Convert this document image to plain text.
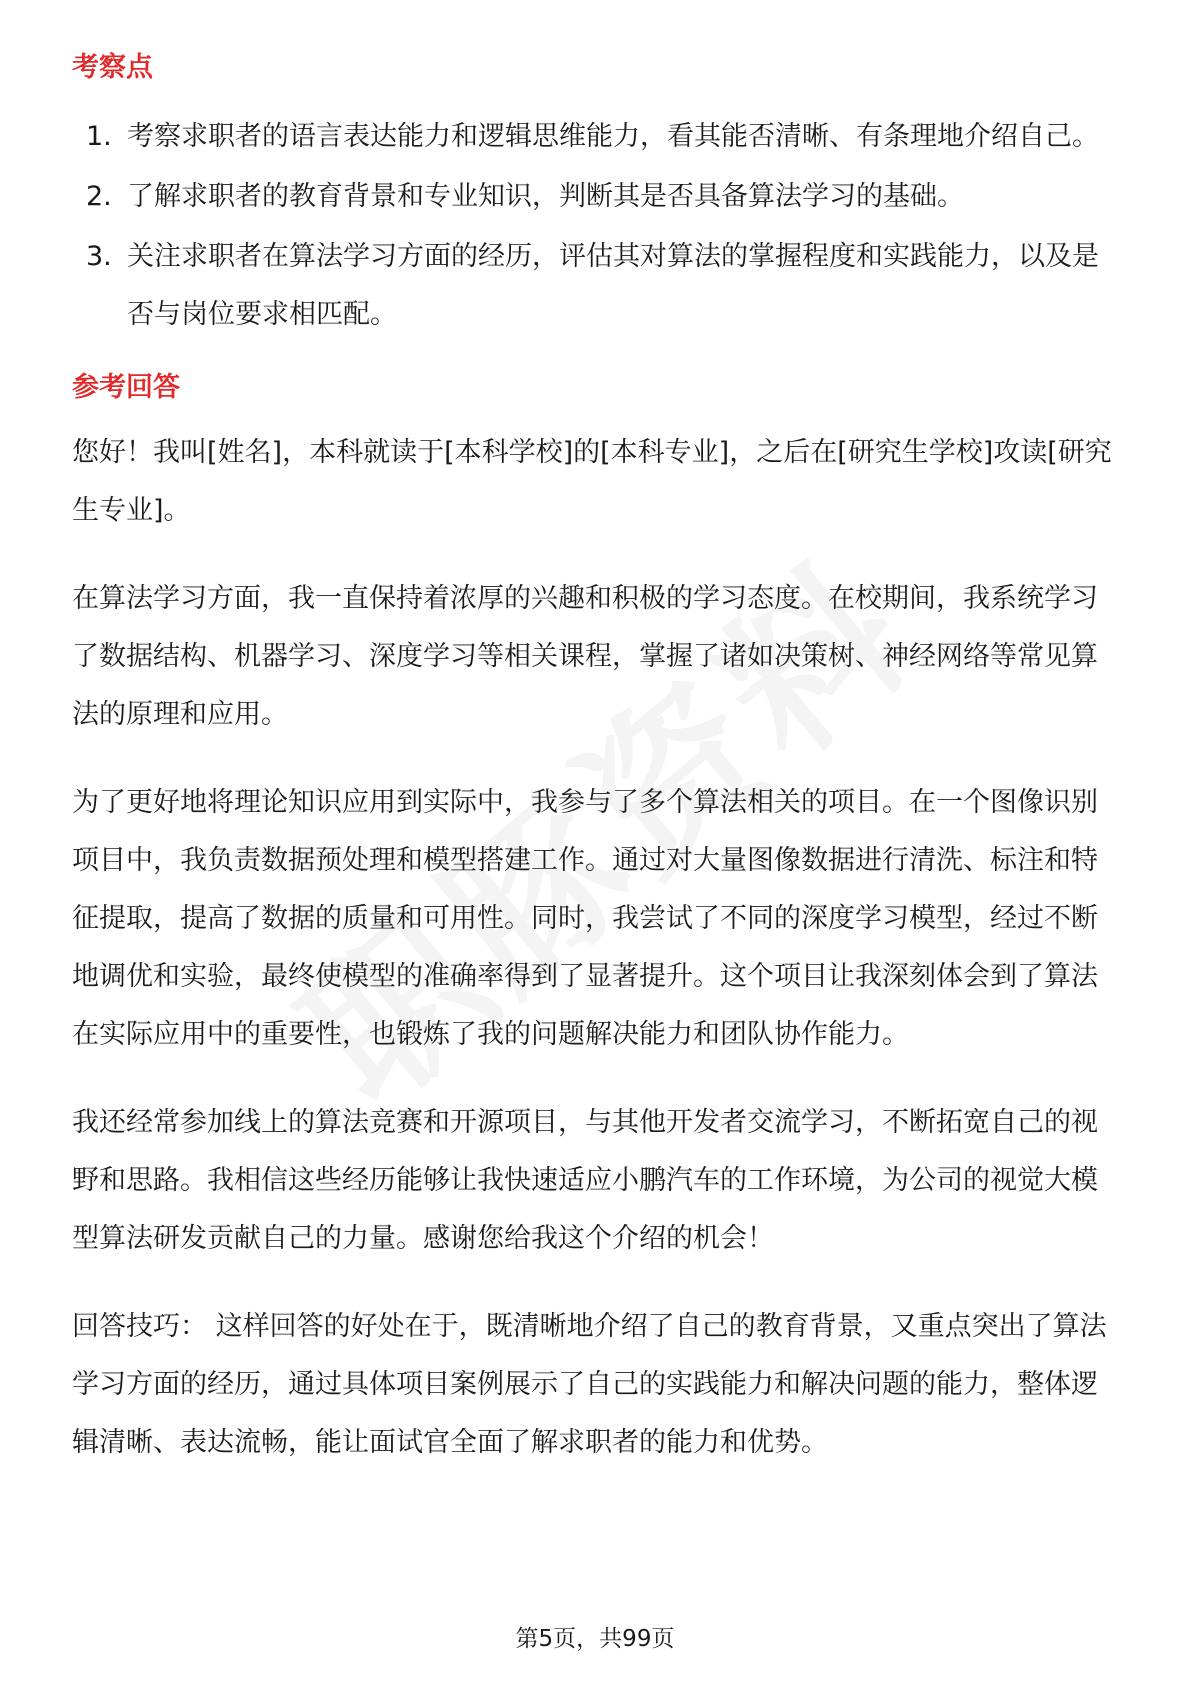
考察点
1. 考察求职者的语言表达能力和逻辑思维能力，看其能否清晰、有条理地介绍自己。
2. 了解求职者的教育背景和专业知识，判断其是否具备算法学习的基础。
3. 关注求职者在算法学习方面的经历，评估其对算法的掌握程度和实践能力，以及是否与岗位要求相匹配。
参考回答

您好！我叫[姓名]，本科就读于[本科学校]的[本科专业]，之后在[研究生学校]攻读[研究生专业]。

在算法学习方面，我一直保持着浓厚的兴趣和积极的学习态度。在校期间，我系统学习了数据结构、机器学习、深度学习等相关课程，掌握了诸如决策树、神经网络等常见算法的原理和应用。

为了更好地将理论知识应用到实际中，我参与了多个算法相关的项目。在一个图像识别项目中，我负责数据预处理和模型搭建工作。通过对大量图像数据进行清洗、标注和特征提取，提高了数据的质量和可用性。同时，我尝试了不同的深度学习模型，经过不断地调优和实验，最终使模型的准确率得到了显著提升。这个项目让我深刻体会到了算法在实际应用中的重要性，也锻炼了我的问题解决能力和团队协作能力。

我还经常参加线上的算法竞赛和开源项目，与其他开发者交流学习，不断拓宽自己的视野和思路。我相信这些经历能够让我快速适应小鹏汽车的工作环境，为公司的视觉大模型算法研发贡献自己的力量。感谢您给我这个介绍的机会！

回答技巧： 这样回答的好处在于，既清晰地介绍了自己的教育背景，又重点突出了算法学习方面的经历，通过具体项目案例展示了自己的实践能力和解决问题的能力，整体逻辑清晰、表达流畅，能让面试官全面了解求职者的能力和优势。

第5页，共99页
